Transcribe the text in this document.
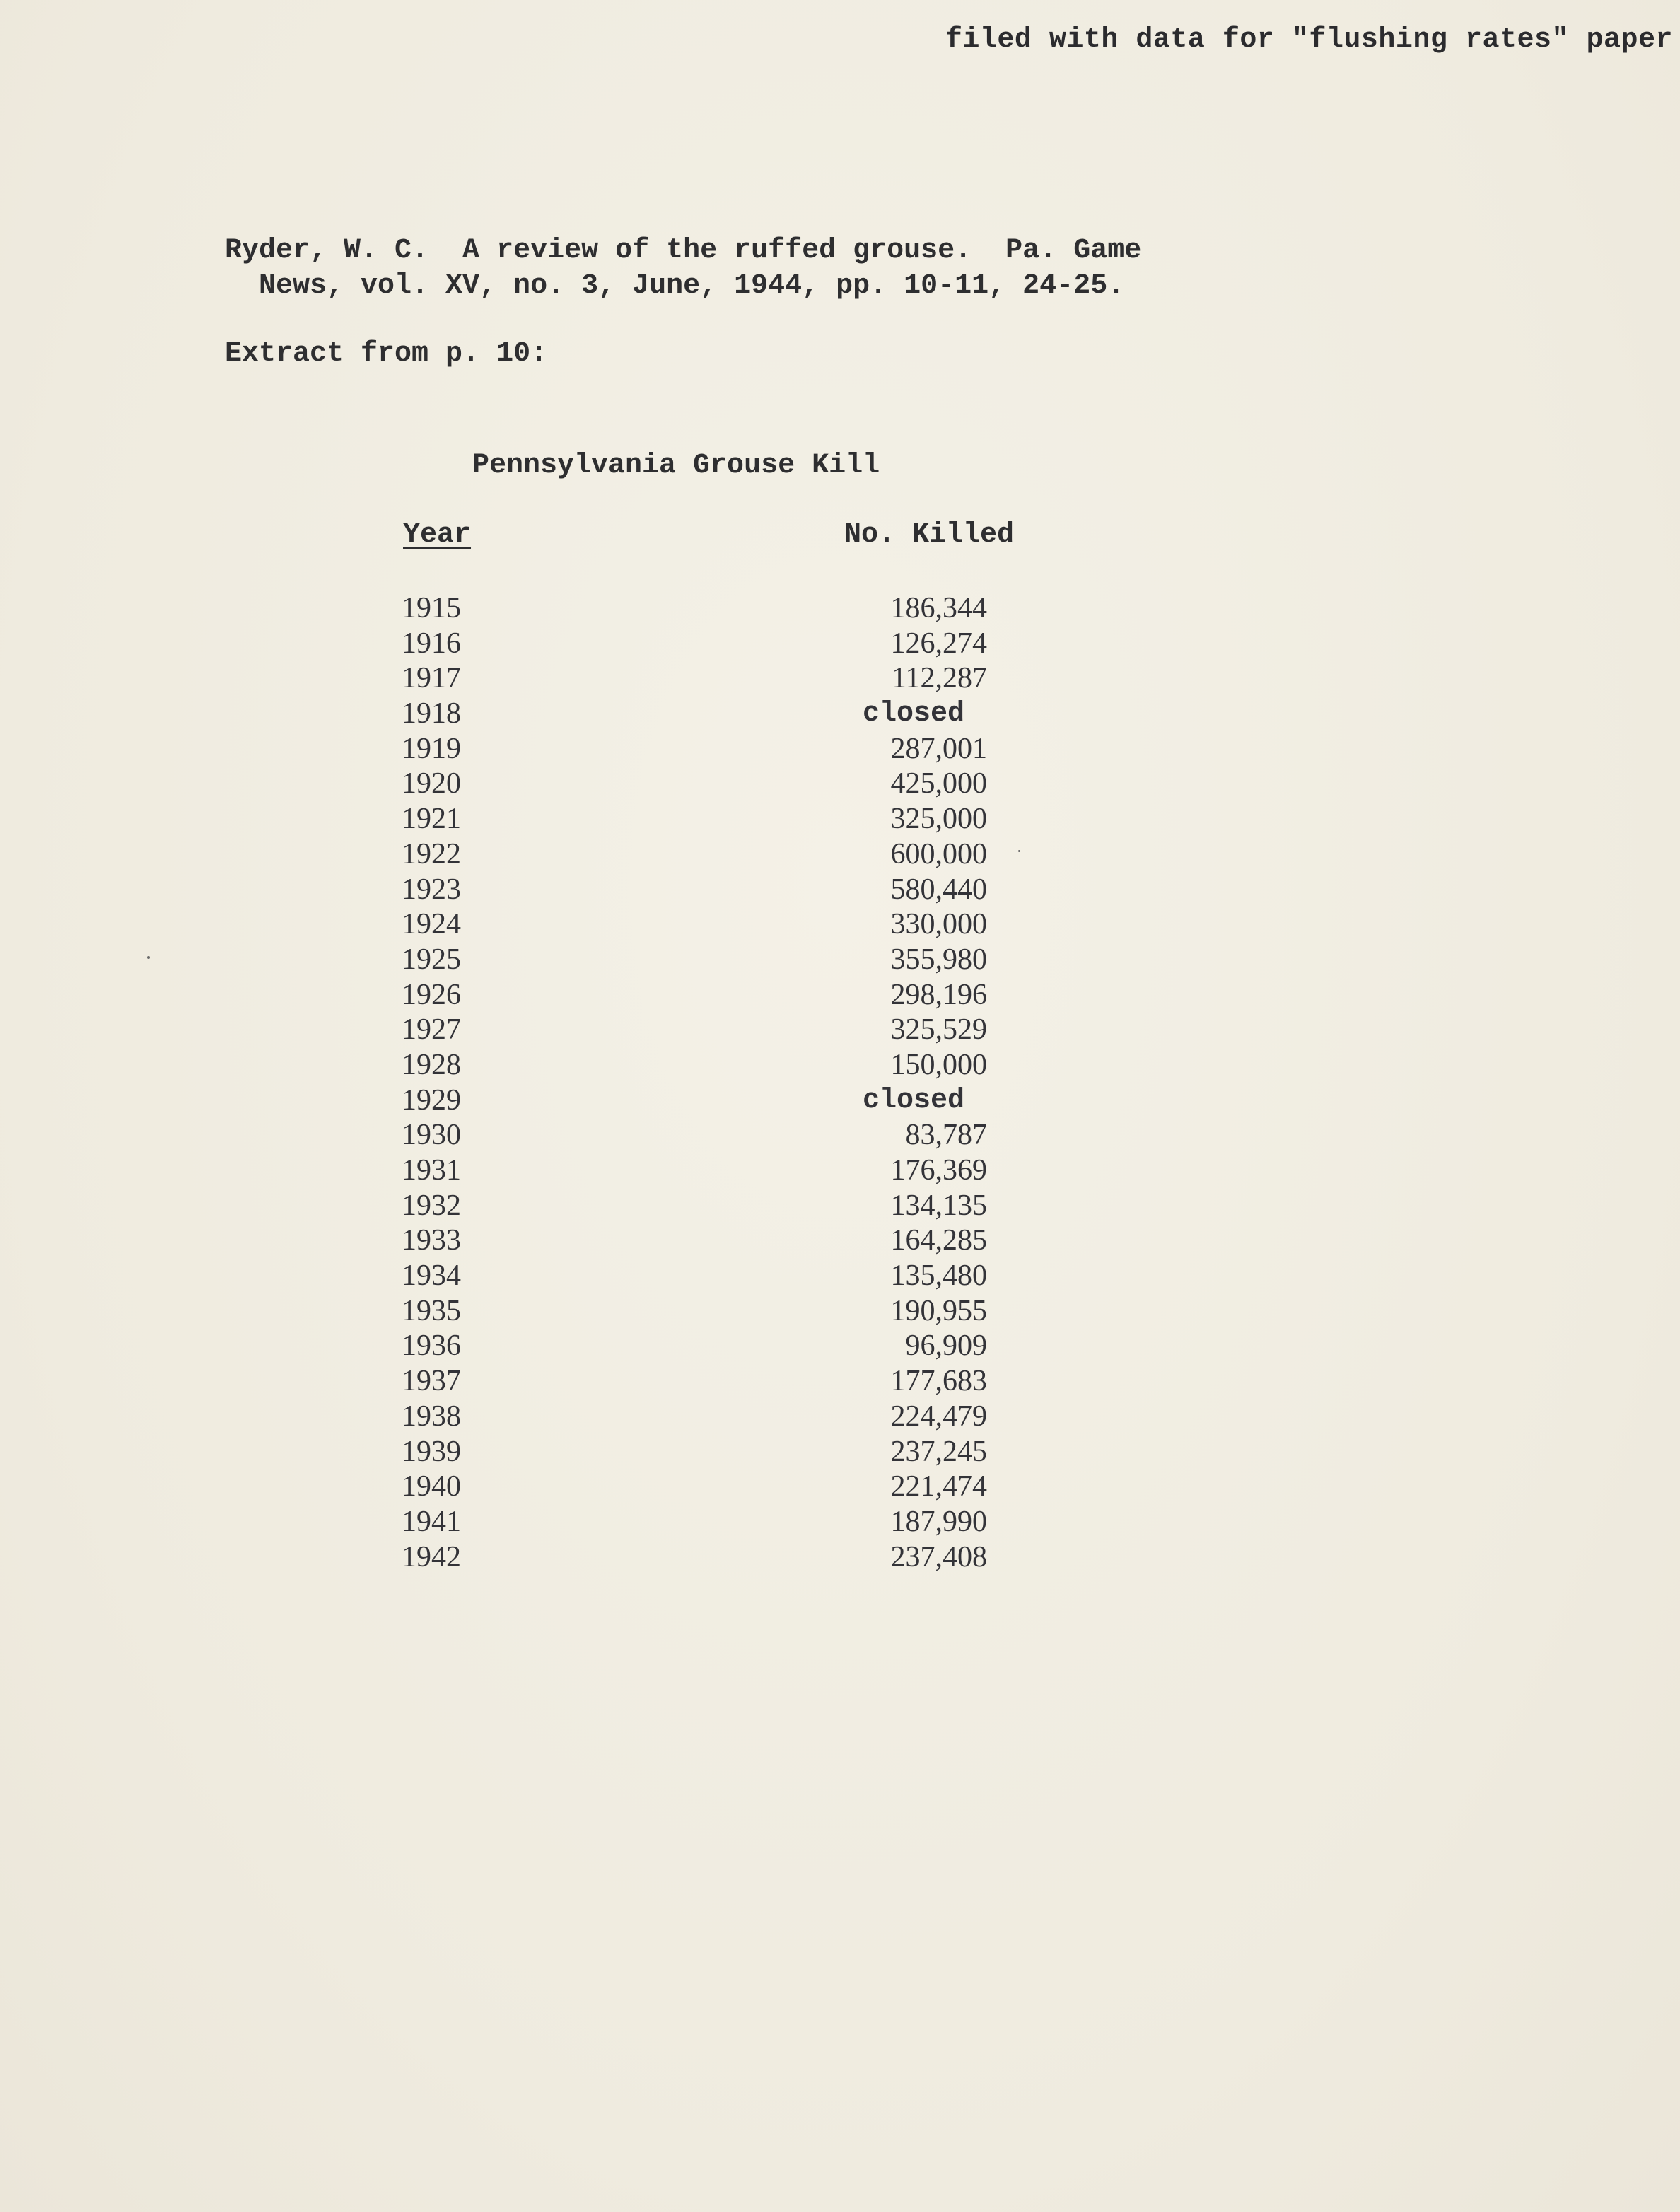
filed with data for "flushing rates" paper
Ryder, W. C.  A review of the ruffed grouse.  Pa. Game
News, vol. XV, no. 3, June, 1944, pp. 10-11, 24-25.
Extract from p. 10:
Pennsylvania Grouse Kill
Year	No. Killed
1915	186,344
1916	126,274
1917	112,287
1918	closed
1919	287,001
1920	425,000
1921	325,000
1922	600,000
1923	580,440
1924	330,000
1925	355,980
1926	298,196
1927	325,529
1928	150,000
1929	closed
1930	83,787
1931	176,369
1932	134,135
1933	164,285
1934	135,480
1935	190,955
1936	96,909
1937	177,683
1938	224,479
1939	237,245
1940	221,474
1941	187,990
1942	237,408
